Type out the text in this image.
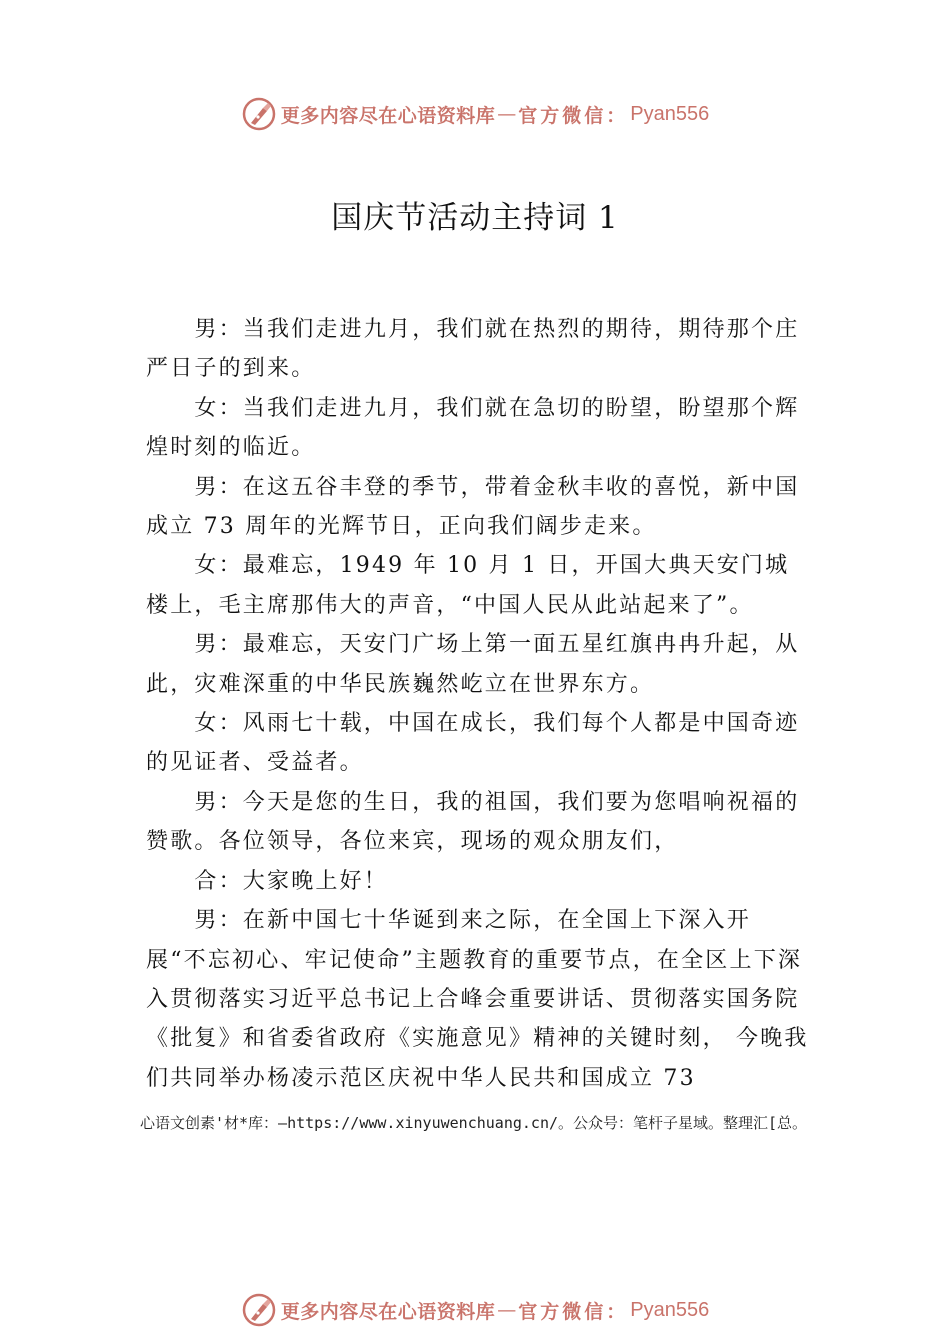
更多内容尽在心语资料库 — 官方微信： Pyan556
国庆节活动主持词 1

男：当我们走进九月，我们就在热烈的期待，期待那个庄严日子的到来。

女：当我们走进九月，我们就在急切的盼望，盼望那个辉煌时刻的临近。

男：在这五谷丰登的季节，带着金秋丰收的喜悦，新中国成立 73 周年的光辉节日，正向我们阔步走来。

女：最难忘，1949 年 10 月 1 日，开国大典天安门城楼上，毛主席那伟大的声音，“中国人民从此站起来了”。

男：最难忘，天安门广场上第一面五星红旗冉冉升起，从此，灾难深重的中华民族巍然屹立在世界东方。

女：风雨七十载，中国在成长，我们每个人都是中国奇迹的见证者、受益者。

男：今天是您的生日，我的祖国，我们要为您唱响祝福的赞歌。各位领导，各位来宾，现场的观众朋友们，

合：大家晚上好！

男：在新中国七十华诞到来之际，在全国上下深入开展“不忘初心、牢记使命”主题教育的重要节点，在全区上下深入贯彻落实习近平总书记上合峰会重要讲话、贯彻落实国务院《批复》和省委省政府《实施意见》精神的关键时刻， 今晚我们共同举办杨凌示范区庆祝中华人民共和国成立 73

心语文创素'材*库：—https://www.xinyuwenchuang.cn/。公众号：笔杆子星域。整理汇[总。
更多内容尽在心语资料库 — 官方微信： Pyan556
